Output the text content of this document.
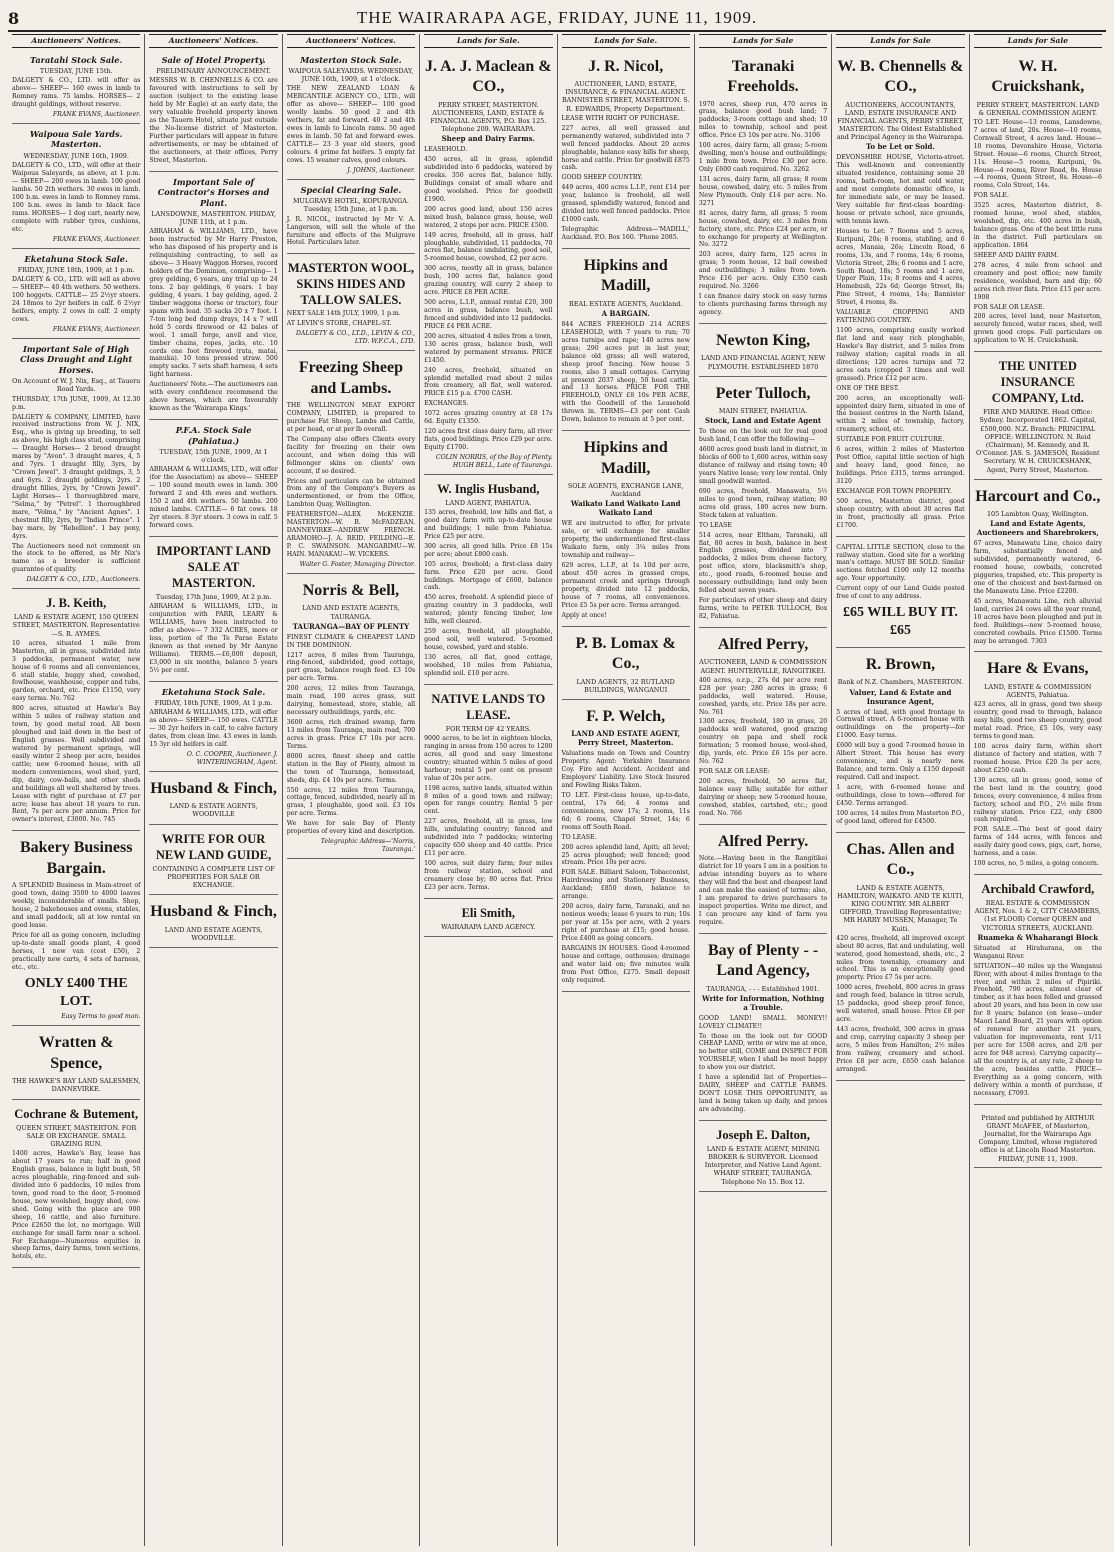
8	THE WAIRARAPA AGE, FRIDAY, JUNE 11, 1909.
Auctioneers' Notices.
Taratahi Stock Sale.
TUESDAY, JUNE 15th.

DALGETY & CO., LTD. will offer as above— SHEEP— 160 ewes in lamb to Romney rams. 75 lambs. HORSES— 2 draught geldings, without reserve.

FRANK EVANS, Auctioneer.
Waipoua Sale Yards. Masterton.
WEDNESDAY, JUNE 16th, 1909.

DALGETY & CO., LTD., will offer at their Waipoua Saleyards, as above, at 1 p.m.— SHEEP— 200 ewes in lamb. 100 good lambs. 50 2th wethers. 30 ewes in lamb. 100 b.m. ewes in lamb to Romney rams. 100 b.m. ewes in lamb to black face rams. HORSES— 1 dog cart, nearly new, complete with rubber tyres, cushions, etc.

FRANK EVANS, Auctioneer.
Eketahuna Stock Sale.
FRIDAY, JUNE 18th, 1909, at 1 p.m.

DALGETY & CO., LTD. will sell as above— SHEEP— 40 4th wethers. 50 wethers. 100 hoggets. CATTLE— 25 2½yr steers. 24 18mos to 2yr heifers in calf. 6 2½yr heifers, empty. 2 cows in calf. 2 empty cows.

FRANK EVANS, Auctioneer.
Important Sale of High Class Draught and Light Horses.
On Account of W. J. Nix, Esq., at Taueru Road Yards.

THURSDAY, 17th JUNE, 1909, At 12.30 p.m.

DALGETY & COMPANY, LIMITED, have received instructions from W. J. NIX, Esq., who is giving up breeding, to sell as above, his high class stud, comprising— Draught Horses— 2 brood draught mares by "Avon". 3 draught mares, 4, 5 and 7yrs. 1 draught filly, 3yrs, by "Crown Jewel". 3 draught geldings, 3, 5 and 6yrs. 2 draught geldings, 2yrs. 2 draught fillies, 2yrs, by "Crown Jewel". Light Horses— 1 thoroughbred mare, "Selma," by "Petrel". 1 thoroughbred mare, "Volma," by "Ancient Agnes". 1 chestnut filly, 2yrs, by "Indian Prince". 1 bay mare, by "Rebellion". 1 bay pony, 4yrs.

The Auctioneers need not comment on the stock to be offered, as Mr Nix's name as a breeder is sufficient guarantee of quality.

DALGETY & CO., LTD., Auctioneers.
J. B. Keith,
LAND & ESTATE AGENT, 150 QUEEN STREET, MASTERTON. Representative—S. R. AYMES.

10 acres, situated 1 mile from Masterton, all in grass, subdivided into 3 paddocks, permanent water, new house of 6 rooms and all conveniences, 6 stall stable, buggy shed, cowshed, fowlhouse, washhouse, copper and tubs, garden, orchard, etc. Price £1150, very easy terms. No. 762

800 acres, situated at Hawke's Bay within 5 miles of railway station and town, by good metal road. All been ploughed and laid down in the best of English grasses. Well subdivided and watered by permanent springs, will easily winter 2 sheep per acre, besides cattle; new 6-roomed house, with all modern conveniences, wool shed, yard, dip, dairy, cow-bails, and other sheds and buildings all well sheltered by trees. Lease with right of purchase at £7 per acre; lease has about 18 years to run. Rent, 7s per acre per annum. Price for owner's interest, £3000. No. 745

Bakery Business Bargain.

A SPLENDID Business in Main-street of good town, doing 3500 to 4000 loaves weekly, inconsiderable of smalls. Shop, house, 2 bakehouses and ovens, stables, and small paddock, all at low rental on good lease.

Price for all as going concern, including up-to-date small goods plant, 4 good horses, 1 new van (cost £50), 2 practically new carts, 4 sets of harness, etc., etc.

ONLY £400 THE LOT.
Easy Terms to good man.
Wratten & Spence,
THE HAWKE'S BAY LAND SALESMEN, DANNEVIRKE.
Cochrane & Butement,
QUEEN STREET, MASTERTON. FOR SALE OR EXCHANGE. SMALL GRAZING RUN.

1400 acres, Hawke's Bay, lease has about 17 years to run; half in good English grass, balance in light bush, 50 acres ploughable, ring-fenced and sub-divided into 6 paddocks, 10 miles from town, good road to the door, 5-roomed house, new woolshed, buggy shed, cow-shed. Going with the place are 900 sheep, 16 cattle, and also furniture. Price £2650 the lot, no mortgage. Will exchange for small farm near a school. For Exchange—Numerous equities in sheep farms, dairy farms, town sections, hotels, etc.

Auctioneers' Notices.
Sale of Hotel Property.
PRELIMINARY ANNOUNCEMENT.

MESSRS W. B. CHENNELLS & CO. are favoured with instructions to sell by auction (subject to the existing lease held by Mr Eagle) at an early date, the very valuable freehold property known as the Tauern Hotel, situate just outside the No-license district of Masterton. Further particulars will appear in future advertisements, or may be obtained of the auctioneers, at their offices, Perry Street, Masterton.

Important Sale of Contractor's Horses and Plant.
LANSDOWNE, MASTERTON. FRIDAY, JUNE 11th, at 1 p.m.

ABRAHAM & WILLIAMS, LTD., have been instructed by Mr Harry Preston, who has disposed of his property and is relinquishing contracting, to sell as above— 3 Heavy Waggon Horses, record holders of the Dominion, comprising— 1 grey gelding, 6 years, any trial up to 24 tons. 2 bay geldings, 6 years. 1 bay gelding, 4 years. 1 bay gelding, aged. 2 timber waggons (horse or tractor), four spans with lead. 35 sacks 20 x 7 foot. 1 7-ton long bed dump drays, 14 x 7 will hold 5 cords firewood or 42 bales of wool. 1 small forge, anvil and vice, timber chains, ropes, jacks, etc. 10 cords one foot firewood (rata, matai, manuka). 10 tons pressed straw. 500 empty sacks. 7 sets shaft harness, 4 sets light harness.

Auctioneers' Note.—The auctioneers can with every confidence recommend the above horses, which are favourably known as the 'Wairarapa Kings.'

P.F.A. Stock Sale (Pahiatua.)
TUESDAY, 15th JUNE, 1909, At 1 o'clock.

ABRAHAM & WILLIAMS, LTD., will offer (for the Association) as above— SHEEP— 100 sound mouth ewes in lamb. 300 forward 2 and 4th ewes and wethers. 150 2 and 4th wethers. 50 lambs. 200 mixed lambs. CATTLE— 6 fat cows. 18 2yr steers. 8 3yr steers. 3 cows in calf. 5 forward cows.

IMPORTANT LAND SALE AT MASTERTON.
Tuesday, 17th June, 1909, At 2 p.m.

ABRAHAM & WILLIAMS, LTD., in conjunction with PARR, LEARY & WILLIAMS, have been instructed to offer as above— 7 332 ACRES, more or less, portion of the Te Parae Estate (known as that owned by Mr Aanyne Williams). TERMS.—£6,000 deposit, £3,000 in six months, balance 5 years 5½ per cent.

Eketahuna Stock Sale.
FRIDAY, 18th JUNE, 1909, At 1 p.m.

ABRAHAM & WILLIAMS, LTD., will offer as above— SHEEP— 150 ewes. CATTLE— 30 2yr heifers in calf, to calve factory dates, from clean line. 43 ewes in lamb. 15 3yr old heifers in calf.

O. C. COOPER, Auctioneer. J. WINTERINGHAM, Agent.
Husband & Finch,
LAND & ESTATE AGENTS, WOODVILLE
WRITE FOR OUR NEW LAND GUIDE,
CONTAINING A COMPLETE LIST OF PROPERTIES FOR SALE OR EXCHANGE.
Husband & Finch,
LAND AND ESTATE AGENTS, WOODVILLE.
Auctioneers' Notices.
Masterton Stock Sale.
WAIPOUA SALEYARDS. WEDNESDAY, JUNE 16th, 1909, at 1 o'clock.

THE NEW ZEALAND LOAN & MERCANTILE AGENCY CO., LTD., will offer as above— SHEEP— 100 good woolly lambs. 50 good 2 and 4th wethers, fat and forward. 40 2 and 4th ewes in lamb to Lincoln rams. 50 aged ewes in lamb. 50 fat and forward ewes. CATTLE— 23 3 year old steers, good colours. 4 prime fat heifers. 5 empty fat cows. 15 weaner calves, good colours.

J. JOHNS, Auctioneer.
Special Clearing Sale.
MULGRAVE HOTEL, KOPURANGA. Tuesday, 15th June, at 1 p.m.

J. R. NICOL, instructed by Mr V. A. Langerson, will sell the whole of the furniture and effects of the Mulgrave Hotel. Particulars later.

MASTERTON WOOL, SKINS HIDES AND TALLOW SALES.

NEXT SALE 14th JULY, 1909, 1 p.m.

AT LEVIN'S STORE, CHAPEL-ST.

DALGETY & CO., LT.D., LEVIN & CO., LTD. W.F.C.A., LTD.
Freezing Sheep and Lambs.

THE WELLINGTON MEAT EXPORT COMPANY, LIMITED, is prepared to purchase Fat Sheep, Lambs and Cattle, at per head, or at per lb overall.

The Company also offers Clients every facility for freezing on their own account, and when doing this will fellmonger skins on clients' own account, if so desired.

Prices and particulars can be obtained from any of the Company's Buyers as undermentioned, or from the Office, Lambton Quay, Wellington.

FEATHERSTON—ALEX McKENZIE. MASTERTON—W. B. McFADZEAN. DANNEVIRKE—ANDREW FRENCH. ARAMOHO—J. A. REID. FEILDING—E. P. C. SWAINSON. MANGARIMU—W. HAIN. MANAKAU—W. VICKERS.

Walter G. Foster, Managing Director.
Norris & Bell,
LAND AND ESTATE AGENTS, TAURANGA.
TAURANGA—BAY OF PLENTY

FINEST CLIMATE & CHEAPEST LAND IN THE DOMINION.

1217 acres, 8 miles from Tauranga, ring-fenced, subdivided, good cottage, part grass, balance rough feed. £3 10s per acre. Terms.

200 acres, 12 miles from Tauranga, main road, 100 acres grass, suit dairying, homestead, store, stable, all necessary outbuildings, yards, etc.

3600 acres, rich drained swamp, farm 13 miles from Tauranga, main road, 700 acres in grass. Price £7 10s per acre. Terms.

8000 acres, finest sheep and cattle station in the Bay of Plenty, almost in the town of Tauranga, homestead, sheds, dip. £4 10s per acre. Terms.

550 acres, 12 miles from Tauranga, cottage, fenced, subdivided, nearly all in grass, 1 ploughable, good soil. £3 10s per acre. Terms.

We have for sale Bay of Plenty properties of every kind and description.

Telegraphic Address—'Norris, Tauranga.'
Lands for Sale.
J. A. J. Maclean & CO.,
PERRY STREET, MASTERTON. AUCTIONEERS, LAND, ESTATE & FINANCIAL AGENTS, P.O. Box 125. Telephone 209. WAIRARAPA.
Sheep and Dairy Farms.

LEASEHOLD.

450 acres, all in grass, splendid subdivided into 6 paddocks, watered by creeks. 350 acres flat, balance hilly. Buildings consist of small whare and good woolshed. Price for goodwill £1900.

200 acres good land, about 150 acres mixed bush, balance grass, house, well watered, 2 stops per acre. PRICE £500.

149 acres, freehold, all in grass, half ploughable, subdivided, 11 paddocks, 70 acres flat, balance undulating, good soil, 5-roomed house, cowshed, £2 per acre.

300 acres, mostly all in grass, balance bush, 100 acres flat, balance good grazing country, will carry 2 sheep to acre. PRICE £8 PER ACRE.

500 acres, L.I.P., annual rental £20, 300 acres in grass, balance bush, well fenced and subdivided into 12 paddocks. PRICE £4 PER ACRE.

200 acres, situated 4 miles from a town, 130 acres grass, balance bush, well watered by permanent streams. PRICE £1450.

240 acres, freehold, situated on splendid metalled road about 2 miles from creamery, all flat, well watered. PRICE £15 p.a. £700 CASH.

EXCHANGES.

1072 acres grazing country at £8 17s 6d. Equity £1350.

120 acres first class dairy farm, all river flats, good buildings. Price £29 per acre. Equity £1700.

COLIN NORRIS, of the Bay of Plenty. HUGH BELL, Late of Tauranga.
W. Inglis Husband,
LAND AGENT, PAHIATUA.

135 acres, freehold, low hills and flat, a good dairy farm with up-to-date house and buildings; 1 mile from Pahiatua. Price £25 per acre.

300 acres, all good hills. Price £8 15s per acre; about £800 cash.

105 acres, freehold; a first-class dairy farm. Price £20 per acre. Good buildings. Mortgage of £600, balance cash.

450 acres, freehold. A splendid piece of grazing country in 3 paddocks, well watered; plenty fencing timber, low hills, well cleared.

259 acres, freehold, all ploughable, good soil, well watered. 5-roomed house, cowshed, yard and stable.

130 acres, all flat, good cottage, woolshed, 10 miles from Pahiatua, splendid soil. £10 per acre.

NATIVE LANDS TO LEASE.
FOR TERM OF 42 YEARS.

9000 acres, to be let in eighteen blocks, ranging in areas from 150 acres to 1200 acres, all good and easy limestone country; situated within 5 miles of good harbour; rental 5 per cent on present value of 20s per acre.

1198 acres, native lands, situated within 8 miles of a good town and railway; open for range country. Rental 5 per cent.

227 acres, freehold, all in grass, low hills, undulating country; fenced and subdivided into 7 paddocks; wintering capacity 650 sheep and 40 cattle. Price £11 per acre.

100 acres, suit dairy farm; four miles from railway station, school and creamery close by; 80 acres flat. Price £23 per acre. Terms.

Eli Smith,
WAIRARAPA LAND AGENCY.
Lands for Sale.
J. R. Nicol,
AUCTIONEER, LAND, ESTATE, INSURANCE, & FINANCIAL AGENT. BANNISTER STREET, MASTERTON. S. R. EDWARDS, Property Department.

LEASE WITH RIGHT OF PURCHASE.

227 acres, all well grassed and permanently watered, subdivided into 7 well fenced paddocks. About 20 acres ploughable, balance easy hills for sheep, horse and cattle. Price for goodwill £875 cash.

GOOD SHEEP COUNTRY.

449 acres, 400 acres L.I.P., rent £14 per year, balance is freehold, all well grassed, splendidly watered, fenced and divided into well fenced paddocks. Price £1000 cash.

Telegraphic Address—'MADILL,' Auckland. P.O. Box 160. 'Phone 2085.

Hipkins and Madill,
REAL ESTATE AGENTS, Auckland.
A BARGAIN.

844 ACRES FREEHOLD 214 ACRES LEASEHOLD, with 7 years to run; 70 acres turnips and rape; 140 acres new grass; 290 acres put in last year, balance old grass; all well watered, sheep proof fencing. New house 5 rooms, also 3 small cottages. Carrying at present 2037 sheep, 50 head cattle, and 13 horses. PRICE FOR THE FREEHOLD, ONLY £8 10s PER ACRE, with the Goodwill of the Leasehold thrown in. TERMS—£3 per cent Cash Down, balance to remain at 5 per cent.

Hipkins and Madill,
SOLE AGENTS, EXCHANGE LANE, Auckland
Waikato Land Waikato Land Waikato Land

WE are instructed to offer, for private sale, or will exchange for smaller property, the undermentioned first-class Waikato farm, only 3¼ miles from township and railway—

629 acres, L.I.P., at 1s 10d per acre, about 450 acres in grassed crops, permanent creek and springs through property, divided into 12 paddocks, house of 7 rooms, all conveniences. Price £5 5s per acre. Terms arranged.

Apply at once!

P. B. Lomax & Co.,
LAND AGENTS, 32 RUTLAND BUILDINGS, WANGANUI
F. P. Welch,
LAND AND ESTATE AGENT, Perry Street, Masterton.

Valuations made on Town and Country Property. Agent: Yorkshire Insurance Coy. Fire and Accident. Accident and Employers' Liability. Live Stock Insured and Fowling Risks Taken.

TO LET. First-class house, up-to-date, central, 17s 6d; 4 rooms and conveniences, now 17s; 2 rooms, 11s 6d; 6 rooms, Chapel Street, 14s; 6 rooms off South Road.

TO LEASE.

200 acres splendid land, Apiti; all level; 25 acres ploughed; well fenced; good stream. Price 10s per acre.

FOR SALE. Billiard Saloon, Tobacconist, Hairdressing and Stationery Business, Auckland; £850 down, balance to arrange.

200 acres, dairy farm, Taranaki, and no noxious weeds; lease 6 years to run; 10s per year at 15s per acre, with 2 years right of purchase at £15; good house. Price £400 as going concern.

BARGAINS IN HOUSES. Good 4-roomed house and cottage, outhouses; drainage and water laid on; five minutes walk from Post Office, £275. Small deposit only required.

Lands for Sale
Taranaki Freeholds.

1970 acres, sheep run, 470 acres in grass, balance good bush land; 7 paddocks; 3-room cottage and shed; 10 miles to township, school and post office. Price £3 10s per acre. No. 3106

100 acres, dairy farm, all grass; 5-room dwelling, men's house and outbuildings; 1 mile from town. Price £30 per acre. Only £600 cash required. No. 3262

131 acres, dairy farm, all grass; 8 room house, cowshed, dairy, etc. 5 miles from New Plymouth. Only £14 per acre. No. 3271

81 acres, dairy farm, all grass; 5 room house, cowshed, dairy, etc. 3 miles from factory, store, etc. Price £24 per acre, or to exchange for property at Wellington. No. 3272

203 acres, dairy farm, 125 acres in grass; 5 room house, 12 bail cowshed and outbuildings; 3 miles from town. Price £16 per acre. Only £350 cash required. No. 3266

I can finance dairy stock on easy terms to clients purchasing farms through my agency.

Newton King,
LAND AND FINANCIAL AGENT, NEW PLYMOUTH. ESTABLISHED 1870
Peter Tulloch,
MAIN STREET, PAHIATUA.
Stock, Land and Estate Agent

To those on the look out for real good bush land, I can offer the following—

4600 acres good bush land in district, in blocks of 600 to 1,600 acres, within easy distance of railway and rising town; 40 years Native lease; very low rental. Only small goodwill wanted.

690 acres, freehold, Manawatu, 5½ miles to good town, railway station; 80 acres old grass, 180 acres new burn. Stock taken at valuation.

TO LEASE

514 acres, near Eltham, Taranaki, all flat, 80 acres in bush, balance in best English grasses, divided into 7 paddocks, 2 miles from cheese factory, post office, store, blacksmith's shop, etc., good roads, 6-roomed house and necessary outbuildings; land only been felled about seven years.

For particulars of other sheep and dairy farms, write to PETER TULLOCH, Box 82, Pahiatua.

Alfred Perry,
AUCTIONEER, LAND & COMMISSION AGENT. HUNTERVILLE, RANGITIKEI.

400 acres, o.r.p., 27s 6d per acre rent £28 per year; 280 acres in grass; 6 paddocks, well watered. House, cowshed, yards, etc. Price 18s per acre. No. 761

1300 acres, freehold, 180 in grass, 20 paddocks well watered, good grazing country on papa and shell rock formation; 5 roomed house, wool-shed, dip, yards, etc. Price £6 15s per acre. No. 762

FOR SALE OR LEASE:

200 acres, freehold, 50 acres flat, balance easy hills; suitable for either dairying or sheep; new 5-roomed house, cowshed, stables, cartshed, etc.; good road. No. 766

Alfred Perry.

Note.—Having been in the Rangitikei district for 10 years I am in a position to advise intending buyers as to where they will find the best and cheapest land and can make the easiest of terms; also, I am prepared to drive purchasers to inspect properties. Write me direct, and I can procure any kind of farm you require.

Bay of Plenty - - Land Agency,
TAURANGA, - - - Established 1901.
Write for Information, Nothing a Trouble.

GOOD LAND! SMALL MONEY!! LOVELY CLIMATE!!

To those on the look out for GOOD CHEAP LAND, write or wire me at once, no better still, COME and INSPECT FOR YOURSELF, when I shall be most happy to show you our district.

I have a splendid list of Properties—DAIRY, SHEEP and CATTLE FARMS. DON'T LOSE THIS OPPORTUNITY, as land is being taken up daily, and prices are advancing.

Joseph E. Dalton,
LAND & ESTATE AGENT, MINING BROKER & SURVEYOR. Licensed Interpreter, and Native Land Agent. WHARF STREET, TAURANGA. Telephone No 15. Box 12.
Lands for Sale
W. B. Chennells & CO.,
AUCTIONEERS, ACCOUNTANTS, LAND, ESTATE INSURANCE AND FINANCIAL AGENTS, PERRY STREET, MASTERTON. The Oldest Established and Principal Agency in the Wairarapa.
To be Let or Sold.

DEVONSHIRE HOUSE, Victoria-street. This well-known and conveniently situated residence, containing some 20 rooms, bath-room, hot and cold water, and most complete domestic office, is for immediate sale, or may be leased. Very suitable for first-class boarding-house or private school, nice grounds, with tennis lawn.

Houses to Let: 7 Rooms and 5 acres, Kuripuni, 20s; 8 rooms, stabling, and 6 acres, Manaia, 26s; Lincoln Road, 6 rooms, 13s, and 7 rooms, 14s; 6 rooms, Victoria Street, 28s; 6 rooms and 1 acre, South Road, 18s; 5 rooms and 1 acre, Upper Plain, 11s; 8 rooms and 4 acres, Homebush, 22s 6d; George Street, 8s; Pine Street, 4 rooms, 14s; Bannister Street, 4 rooms, 8s.

VALUABLE CROPPING AND FATTENING COUNTRY.

1100 acres, comprising easily worked flat land and easy rich ploughable, Hawke's Bay district, and 5 miles from railway station; capital roads in all directions; 120 acres turnips and 72 acres oats (cropped 3 times and well grassed). Price £12 per acre.

ONE OF THE BEST.

200 acres, an exceptionally well-appointed dairy farm, situated in one of the busiest centres in the North Island, within 2 miles of township, factory, creamery, school, etc.

SUITABLE FOR FRUIT CULTURE.

6 acres, within 2 miles of Masterton Post Office, capital little section of high and heavy land, good fence, no buildings. Price £315, terms arranged. 3120

EXCHANGE FOR TOWN PROPERTY.

500 acres, Masterton district, good sheep country, with about 30 acres flat in front, practically all grass. Price £1700.

CAPITAL LITTLE SECTION, close to the railway station. Good site for a working man's cottage. MUST BE SOLD. Similar sections fetched £100 only 12 months ago. Your opportunity.

Current copy of our Land Guide posted free of cost to any address.

£65 WILL BUY IT. £65
R. Brown,
Bank of N.Z. Chambers, MASTERTON.
Valuer, Land & Estate and Insurance Agent,

5 acres of land, with good frontage to Cornwall street. A 6-roomed house with outbuildings on the property—for £1000. Easy terms.

£600 will buy a good 7-roomed house in Albert Street. This house has every convenience, and is nearly new. Balance, and term. Only a £150 deposit required. Call and inspect.

1 acre, with 6-roomed house and outbuildings, close to town—offered for £450. Terms arranged.

100 acres, 14 miles from Masterton P.O., of good land, offered for £4500.

Chas. Allen and Co.,
LAND & ESTATE AGENTS, HAMILTON, WAIKATO. AND TE KUITI, KING COUNTRY. MR ALBERT GIFFORD, Travelling Representative; MR HARRY MUSSEN, Manager, Te Kuiti.

420 acres, freehold, all improved except about 80 acres, flat and undulating, well watered, good homestead, sheds, etc., 2 miles from township, creamery and school. This is an exceptionally good property. Price £7 5s per acre.

1000 acres, freehold, 800 acres in grass and rough feed, balance in titree scrub, 15 paddocks, good sheep proof fence, well watered, small house. Price £8 per acre.

443 acres, freehold, 300 acres in grass and crop, carrying capacity 3 sheep per acre, 5 miles from Hamilton; 2½ miles from railway, creamery and school. Price £8 per acre, £650 cash balance arranged.

Lands for Sale
W. H. Cruickshank,
PERRY STREET, MASTERTON. LAND & GENERAL COMMISSION AGENT.

TO LET. House—13 rooms, Lansdowne, 7 acres of land, 20s. House—10 rooms, Cornwall Street, 4 acres land. House—10 rooms, Devonshire House, Victoria Street. House—6 rooms, Church Street, 11s. House—5 rooms, Kuripuni, 9s. House—4 rooms, River Road, 8s. House—4 rooms, Queen Street, 8s. House—6 rooms, Colo Street, 14s.

FOR SALE.

3525 acres, Masterton district, 8-roomed house, wool shed, stables, woolshed, dip, etc. 400 acres in bush, balance grass. One of the best little runs in the district. Full particulars on application. 1864

SHEEP AND DAIRY FARM.

278 acres, 4 mile from school and creamery and post office; new family residence, woolshed, barn and dip; 60 acres rich river flats. Price £15 per acre. 1908

FOR SALE OR LEASE.

200 acres, level land, near Masterton, securely fenced, water races, shed, well grown good crops. Full particulars on application to W. H. Cruickshank.

THE UNITED INSURANCE COMPANY, Ltd.
FIRE AND MARINE. Head Office: Sydney. Incorporated 1862. Capital, £500,000. N.Z. Branch: PRINCIPAL OFFICE: WELLINGTON. N. Reid (Chairman), M. Kennedy, and R. O'Connor. JAS. S. JAMESON, Resident Secretary. W. H. CRUICKSHANK, Agent, Perry Street, Masterton.
Harcourt and Co.,
105 Lambton Quay, Wellington.
Land and Estate Agents, Auctioneers and Sharebrokers,

67 acres, Manawatu Line, choice dairy farm, substantially fenced and subdivided, permanently watered, 6-roomed house, cowbails, concreted piggeries, trapshed, etc. This property is one of the choicest and best-farmed on the Manawatu Line. Price £2200.

45 acres, Manawatu Line, rich alluvial land, carries 24 cows all the year round, 10 acres have been ploughed and put in feed. Buildings—new 5-roomed house, concreted cowbails. Price £1500. Terms may be arranged. 7303

Hare & Evans,
LAND, ESTATE & COMMISSION AGENTS, Pahiatua.

423 acres, all in grass, good two sheep country, good road to through, balance easy hills, good two sheep country, good metal road. Price, £5 10s, very easy terms to good man.

100 acres dairy farm, within short distance of factory and station, with 7 roomed house. Price £20 3s per acre, about £250 cash.

130 acres, all in grass; good, some of the best land in the country, good fences, every convenience, 4 miles from factory, school and P.O., 2½ mile from railway station. Price £22, only £800 cash required.

FOR SALE.—The best of good dairy farms of 144 acres, with fences and easily dairy good cows, pigs, cart, horse, harness, and a case.

100 acres, no, 5 miles, a going concern.

Archibald Crawford,
REAL ESTATE & COMMISSION AGENT, Nos. 1 & 2, CITY CHAMBERS, (1st FLOOR) Corner QUEEN and VICTORIA STREETS, AUCKLAND.
Ruameka & Whaharangi Block

Situated at Hirahurana, on the Wanganui River.

SITUATION—40 miles up the Wanganui River, with about 4 miles frontage to the river, and within 2 miles of Pipiriki. Freehold, 790 acres, almost clear of timber, as it has been felled and grassed about 20 years, and has been in cow use for 8 years; balance (on lease—under Maori Land Board, 21 years with option of renewal for another 21 years, valuation for improvements, rent 1/11 per acre for 1508 acres, and 2/8 per acre for 948 acres). Carrying capacity—all the country is, at any rate, 2 sheep to the acre, besides cattle. PRICE—Everything as a going concern, with delivery within a month of purchase, if necessary, £7093.

Printed and published by ARTHUR GRANT McAFEE, of Masterton, Journalist, for the Wairarapa Age Company, Limited, whose registered office is at Lincoln Road Masterton. FRIDAY, JUNE 11, 1909.
